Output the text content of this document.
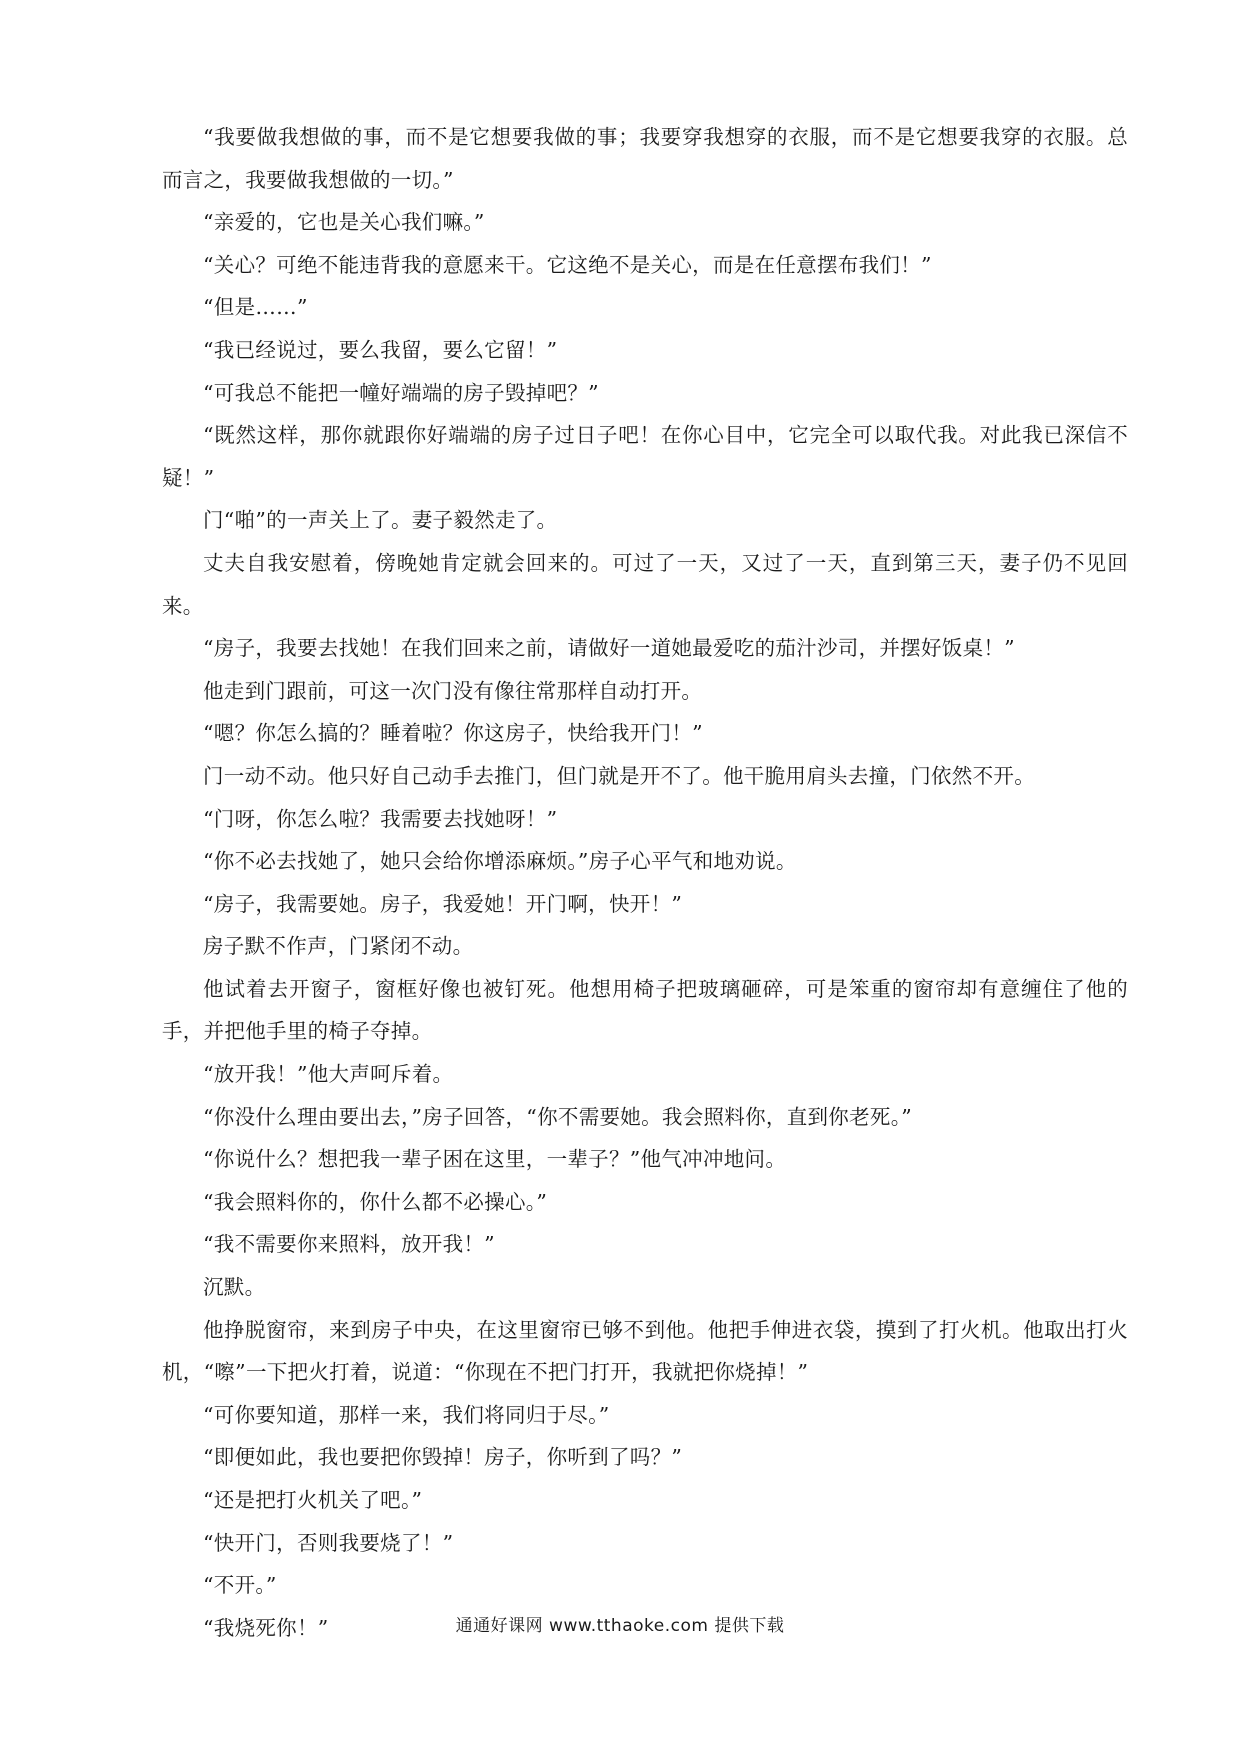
“我要做我想做的事，而不是它想要我做的事；我要穿我想穿的衣服，而不是它想要我穿的衣服。总而言之，我要做我想做的一切。”

“亲爱的，它也是关心我们嘛。”

“关心？可绝不能违背我的意愿来干。它这绝不是关心，而是在任意摆布我们！”

“但是……”

“我已经说过，要么我留，要么它留！”

“可我总不能把一幢好端端的房子毁掉吧？”

“既然这样，那你就跟你好端端的房子过日子吧！在你心目中，它完全可以取代我。对此我已深信不疑！”

门“啪”的一声关上了。妻子毅然走了。

丈夫自我安慰着，傍晚她肯定就会回来的。可过了一天，又过了一天，直到第三天，妻子仍不见回来。

“房子，我要去找她！在我们回来之前，请做好一道她最爱吃的茄汁沙司，并摆好饭桌！”

他走到门跟前，可这一次门没有像往常那样自动打开。

“嗯？你怎么搞的？睡着啦？你这房子，快给我开门！”

门一动不动。他只好自己动手去推门，但门就是开不了。他干脆用肩头去撞，门依然不开。

“门呀，你怎么啦？我需要去找她呀！”

“你不必去找她了，她只会给你增添麻烦。”房子心平气和地劝说。

“房子，我需要她。房子，我爱她！开门啊，快开！”

房子默不作声，门紧闭不动。

他试着去开窗子，窗框好像也被钉死。他想用椅子把玻璃砸碎，可是笨重的窗帘却有意缠住了他的手，并把他手里的椅子夺掉。

“放开我！”他大声呵斥着。

“你没什么理由要出去，”房子回答，“你不需要她。我会照料你，直到你老死。”

“你说什么？想把我一辈子困在这里，一辈子？”他气冲冲地问。

“我会照料你的，你什么都不必操心。”

“我不需要你来照料，放开我！”

沉默。

他挣脱窗帘，来到房子中央，在这里窗帘已够不到他。他把手伸进衣袋，摸到了打火机。他取出打火机，“嚓”一下把火打着，说道：“你现在不把门打开，我就把你烧掉！”

“可你要知道，那样一来，我们将同归于尽。”

“即便如此，我也要把你毁掉！房子，你听到了吗？”

“还是把打火机关了吧。”

“快开门，否则我要烧了！”

“不开。”

“我烧死你！”	通通好课网 www.tthaoke.com 提供下载
